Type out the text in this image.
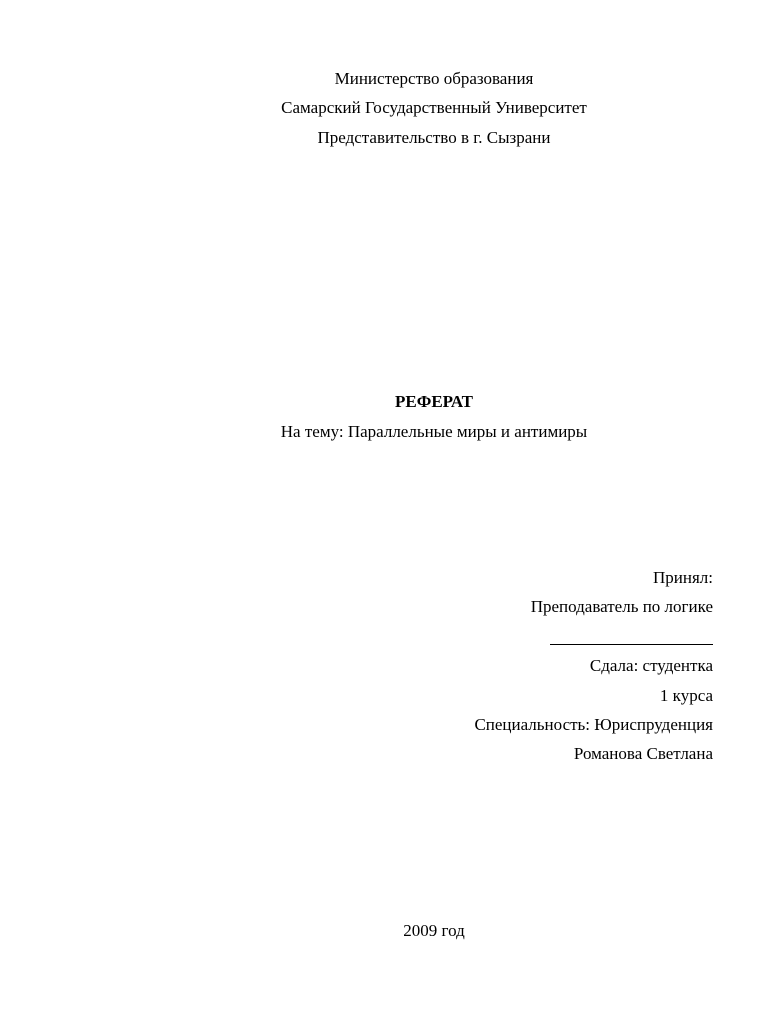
Министерство образования
Самарский Государственный Университет
Представительство в г. Сызрани
РЕФЕРАТ
На тему: Параллельные миры и антимиры
Принял:
Преподаватель по логике
Сдала: студентка
1 курса
Специальность: Юриспруденция
Романова Светлана
2009 год
